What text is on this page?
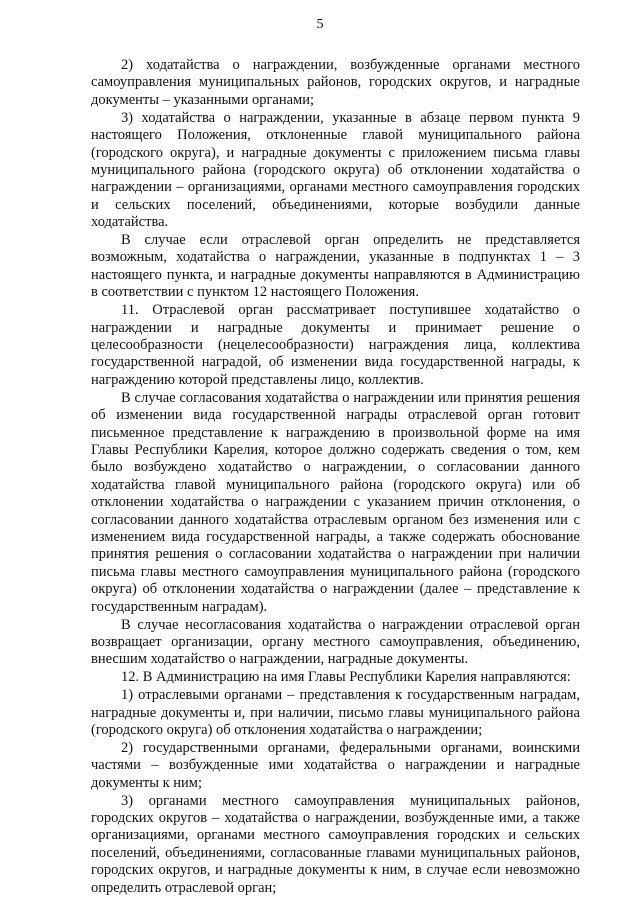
5

2) ходатайства о награждении, возбужденные органами местного самоуправления муниципальных районов, городских округов, и наградные документы – указанными органами;

3) ходатайства о награждении, указанные в абзаце первом пункта 9 настоящего Положения, отклоненные главой муниципального района (городского округа), и наградные документы с приложением письма главы муниципального района (городского округа) об отклонении ходатайства о награждении – организациями, органами местного самоуправления городских и сельских поселений, объединениями, которые возбудили данные ходатайства.

В случае если отраслевой орган определить не представляется возможным, ходатайства о награждении, указанные в подпунктах 1 – 3 настоящего пункта, и наградные документы направляются в Администрацию в соответствии с пунктом 12 настоящего Положения.

11. Отраслевой орган рассматривает поступившее ходатайство о награждении и наградные документы и принимает решение о целесообразности (нецелесообразности) награждения лица, коллектива государственной наградой, об изменении вида государственной награды, к награждению которой представлены лицо, коллектив.

В случае согласования ходатайства о награждении или принятия решения об изменении вида государственной награды отраслевой орган готовит письменное представление к награждению в произвольной форме на имя Главы Республики Карелия, которое должно содержать сведения о том, кем было возбуждено ходатайство о награждении, о согласовании данного ходатайства главой муниципального района (городского округа) или об отклонении ходатайства о награждении с указанием причин отклонения, о согласовании данного ходатайства отраслевым органом без изменения или с изменением вида государственной награды, а также содержать обоснование принятия решения о согласовании ходатайства о награждении при наличии письма главы местного самоуправления муниципального района (городского округа) об отклонении ходатайства о награждении (далее – представление к государственным наградам).

В случае несогласования ходатайства о награждении отраслевой орган возвращает организации, органу местного самоуправления, объединению, внесшим ходатайство о награждении, наградные документы.

12. В Администрацию на имя Главы Республики Карелия направляются:

1) отраслевыми органами – представления к государственным наградам, наградные документы и, при наличии, письмо главы муниципального района (городского округа) об отклонения ходатайства о награждении;

2) государственными органами, федеральными органами, воинскими частями – возбужденные ими ходатайства о награждении и наградные документы к ним;

3) органами местного самоуправления муниципальных районов, городских округов – ходатайства о награждении, возбужденные ими, а также организациями, органами местного самоуправления городских и сельских поселений, объединениями, согласованные главами муниципальных районов, городских округов, и наградные документы к ним, в случае если невозможно определить отраслевой орган;
